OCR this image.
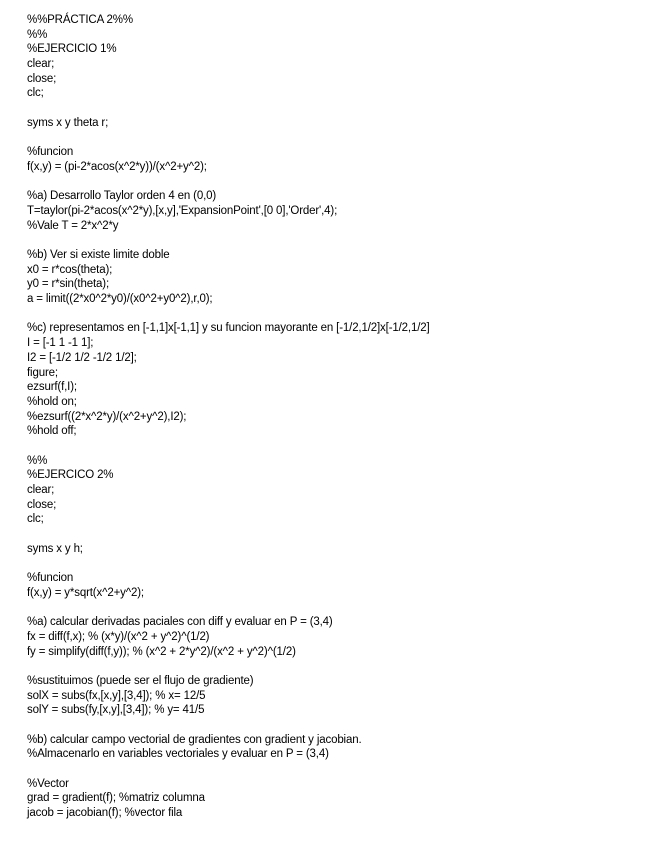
%%PRÁCTICA 2%%
%%
%EJERCICIO 1%
clear;
close;
clc;
syms x y theta r;
%funcion
f(x,y) = (pi-2*acos(x^2*y))/(x^2+y^2);
%a) Desarrollo Taylor orden 4 en (0,0)
T=taylor(pi-2*acos(x^2*y),[x,y],'ExpansionPoint',[0 0],'Order',4);
%Vale T = 2*x^2*y
%b) Ver si existe limite doble
x0 = r*cos(theta);
y0 = r*sin(theta);
a = limit((2*x0^2*y0)/(x0^2+y0^2),r,0);
%c) representamos en [-1,1]x[-1,1] y su funcion mayorante en [-1/2,1/2]x[-1/2,1/2]
I = [-1 1 -1 1];
I2 = [-1/2 1/2 -1/2 1/2];
figure;
ezsurf(f,I);
%hold on;
%ezsurf((2*x^2*y)/(x^2+y^2),I2);
%hold off;
%%
%EJERCICO 2%
clear;
close;
clc;
syms x y h;
%funcion
f(x,y) = y*sqrt(x^2+y^2);
%a) calcular derivadas paciales con diff y evaluar en P = (3,4)
fx = diff(f,x); % (x*y)/(x^2 + y^2)^(1/2)
fy = simplify(diff(f,y)); % (x^2 + 2*y^2)/(x^2 + y^2)^(1/2)
%sustituimos (puede ser el flujo de gradiente)
solX = subs(fx,[x,y],[3,4]); % x= 12/5
solY = subs(fy,[x,y],[3,4]); % y= 41/5
%b) calcular campo vectorial de gradientes con gradient y jacobian.
%Almacenarlo en variables vectoriales y evaluar en P = (3,4)
%Vector
grad = gradient(f); %matriz columna
jacob = jacobian(f); %vector fila
